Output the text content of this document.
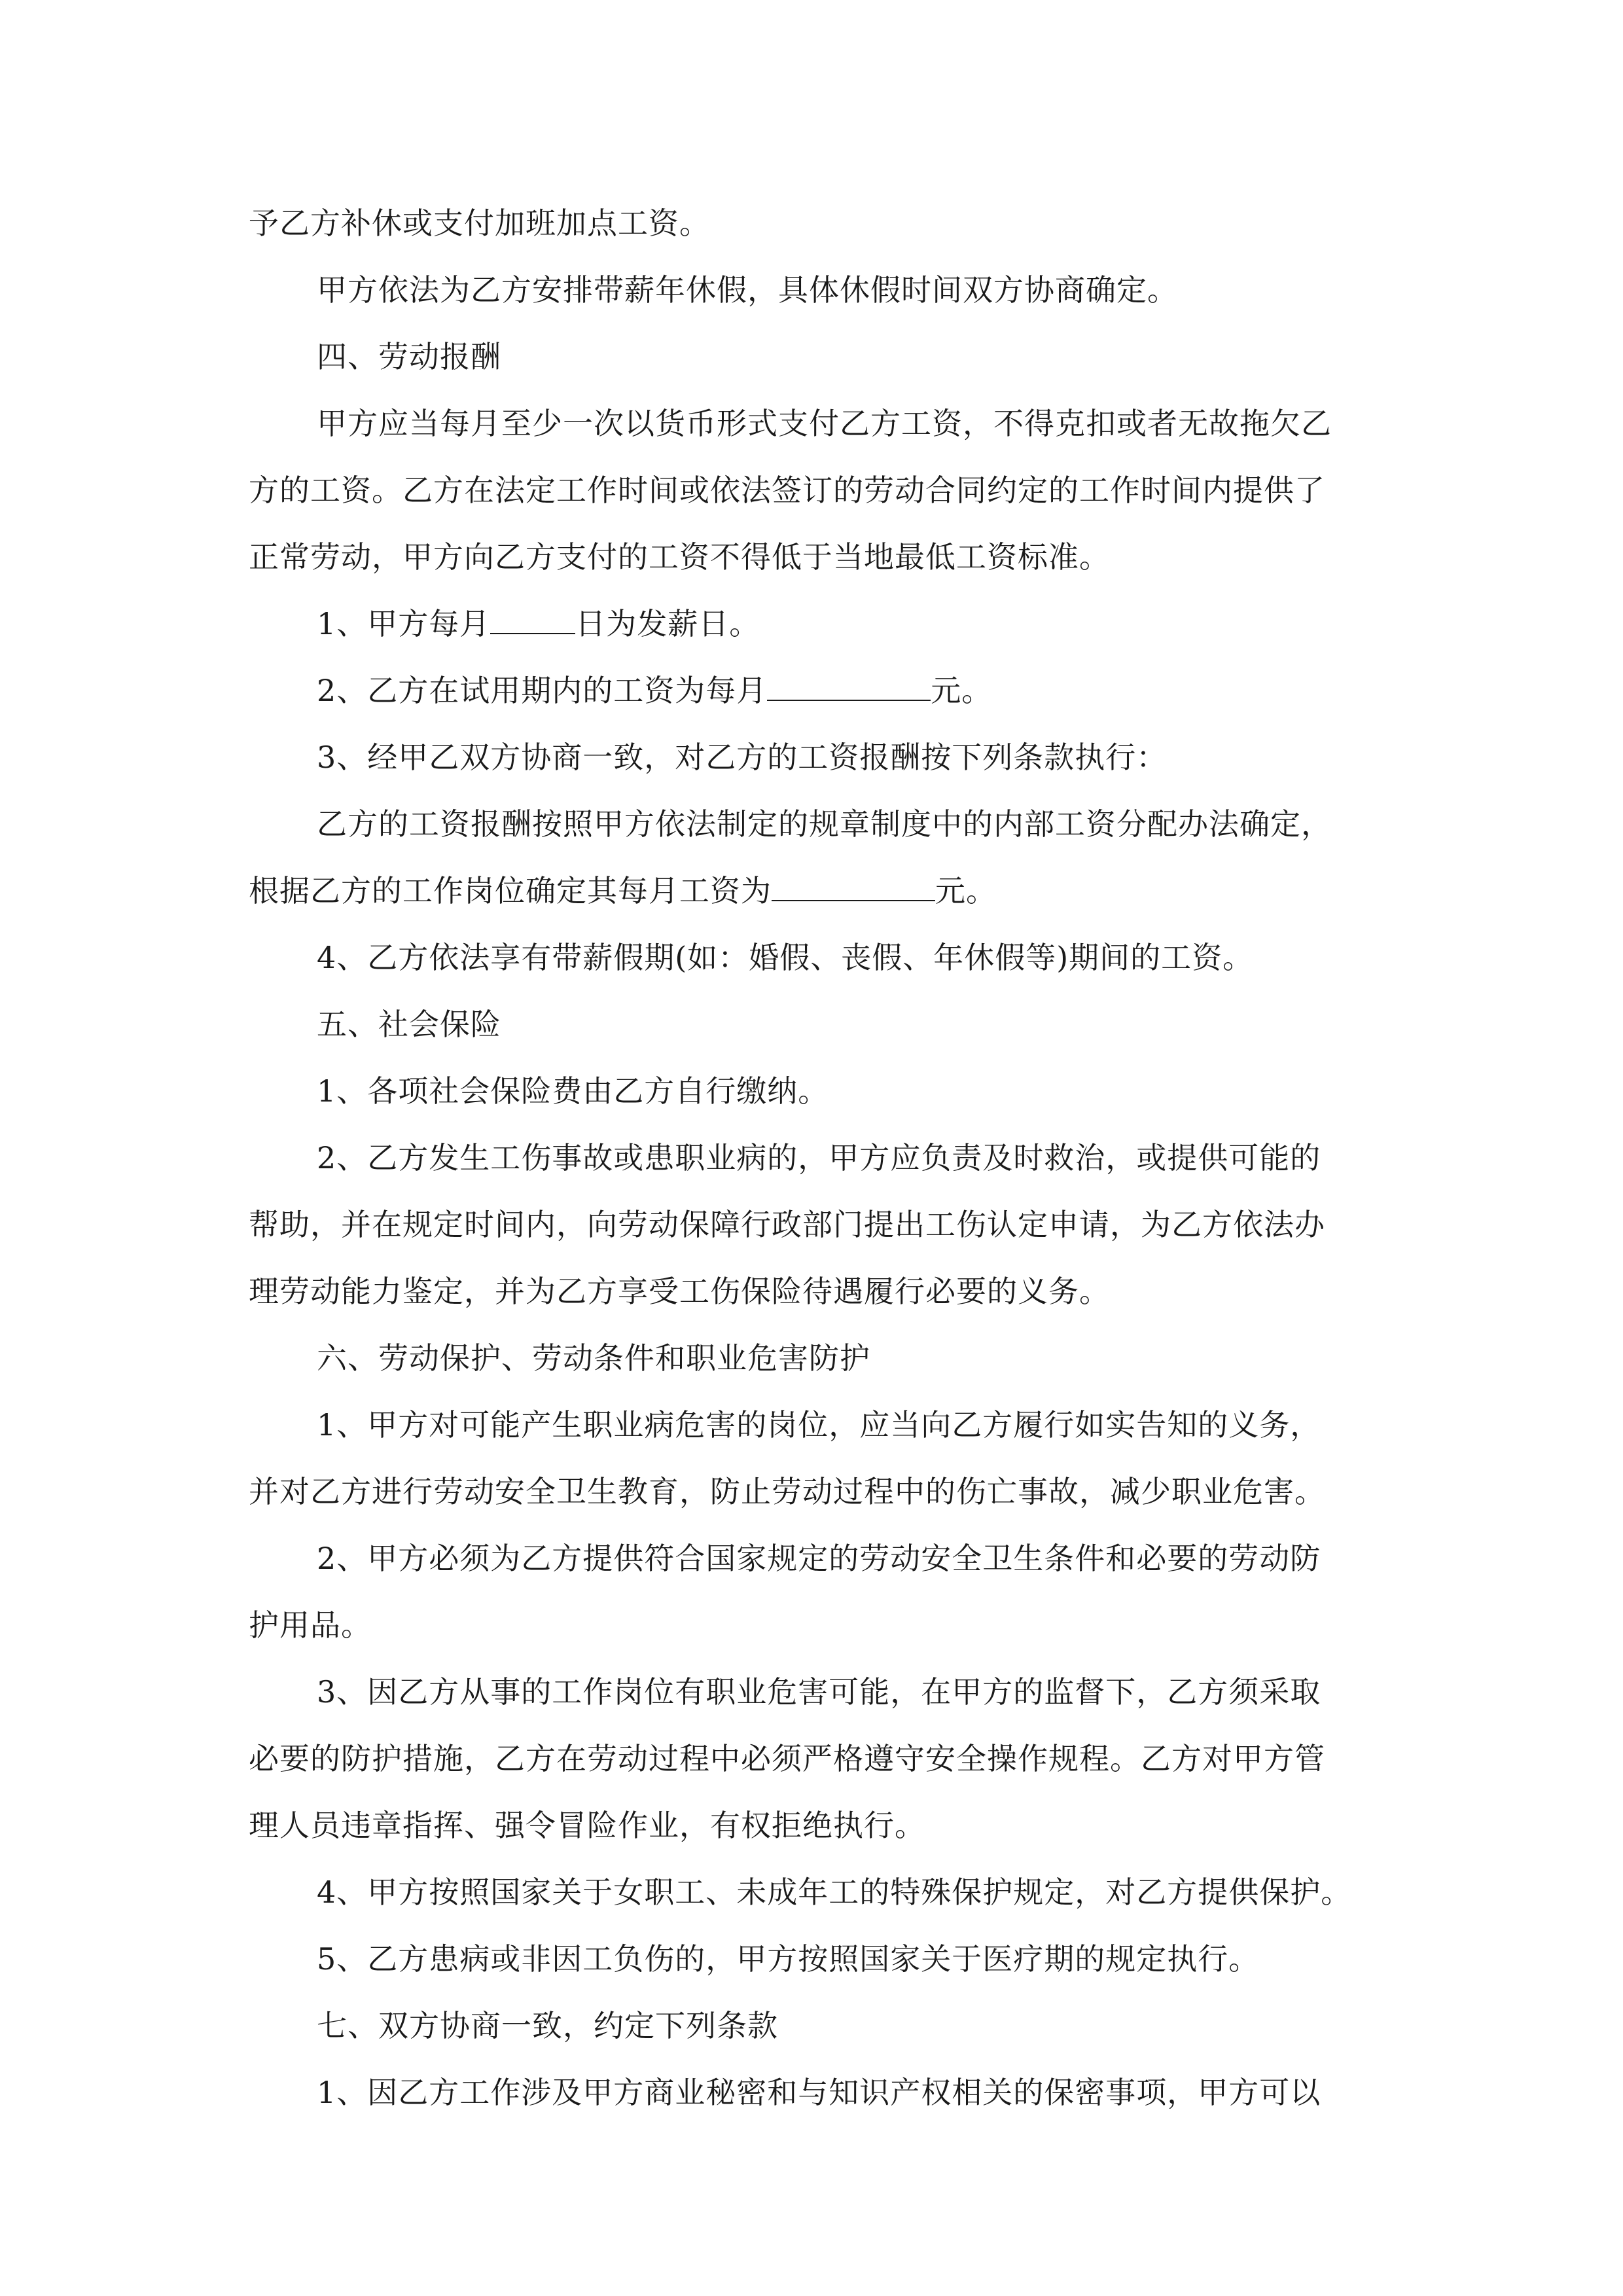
予乙方补休或支付加班加点工资。
甲方依法为乙方安排带薪年休假，具体休假时间双方协商确定。
四、劳动报酬
甲方应当每月至少一次以货币形式支付乙方工资，不得克扣或者无故拖欠乙
方的工资。乙方在法定工作时间或依法签订的劳动合同约定的工作时间内提供了
正常劳动，甲方向乙方支付的工资不得低于当地最低工资标准。
1、甲方每月	日为发薪日。
2、乙方在试用期内的工资为每月	元。
3、经甲乙双方协商一致，对乙方的工资报酬按下列条款执行：
乙方的工资报酬按照甲方依法制定的规章制度中的内部工资分配办法确定，
根据乙方的工作岗位确定其每月工资为	元。
4、乙方依法享有带薪假期(如：婚假、丧假、年休假等)期间的工资。
五、社会保险
1、各项社会保险费由乙方自行缴纳。
2、乙方发生工伤事故或患职业病的，甲方应负责及时救治，或提供可能的
帮助，并在规定时间内，向劳动保障行政部门提出工伤认定申请，为乙方依法办
理劳动能力鉴定，并为乙方享受工伤保险待遇履行必要的义务。
六、劳动保护、劳动条件和职业危害防护
1、甲方对可能产生职业病危害的岗位，应当向乙方履行如实告知的义务，
并对乙方进行劳动安全卫生教育，防止劳动过程中的伤亡事故，减少职业危害。
2、甲方必须为乙方提供符合国家规定的劳动安全卫生条件和必要的劳动防
护用品。
3、因乙方从事的工作岗位有职业危害可能，在甲方的监督下，乙方须采取
必要的防护措施，乙方在劳动过程中必须严格遵守安全操作规程。乙方对甲方管
理人员违章指挥、强令冒险作业，有权拒绝执行。
4、甲方按照国家关于女职工、未成年工的特殊保护规定，对乙方提供保护。
5、乙方患病或非因工负伤的，甲方按照国家关于医疗期的规定执行。
七、双方协商一致，约定下列条款
1、因乙方工作涉及甲方商业秘密和与知识产权相关的保密事项，甲方可以
